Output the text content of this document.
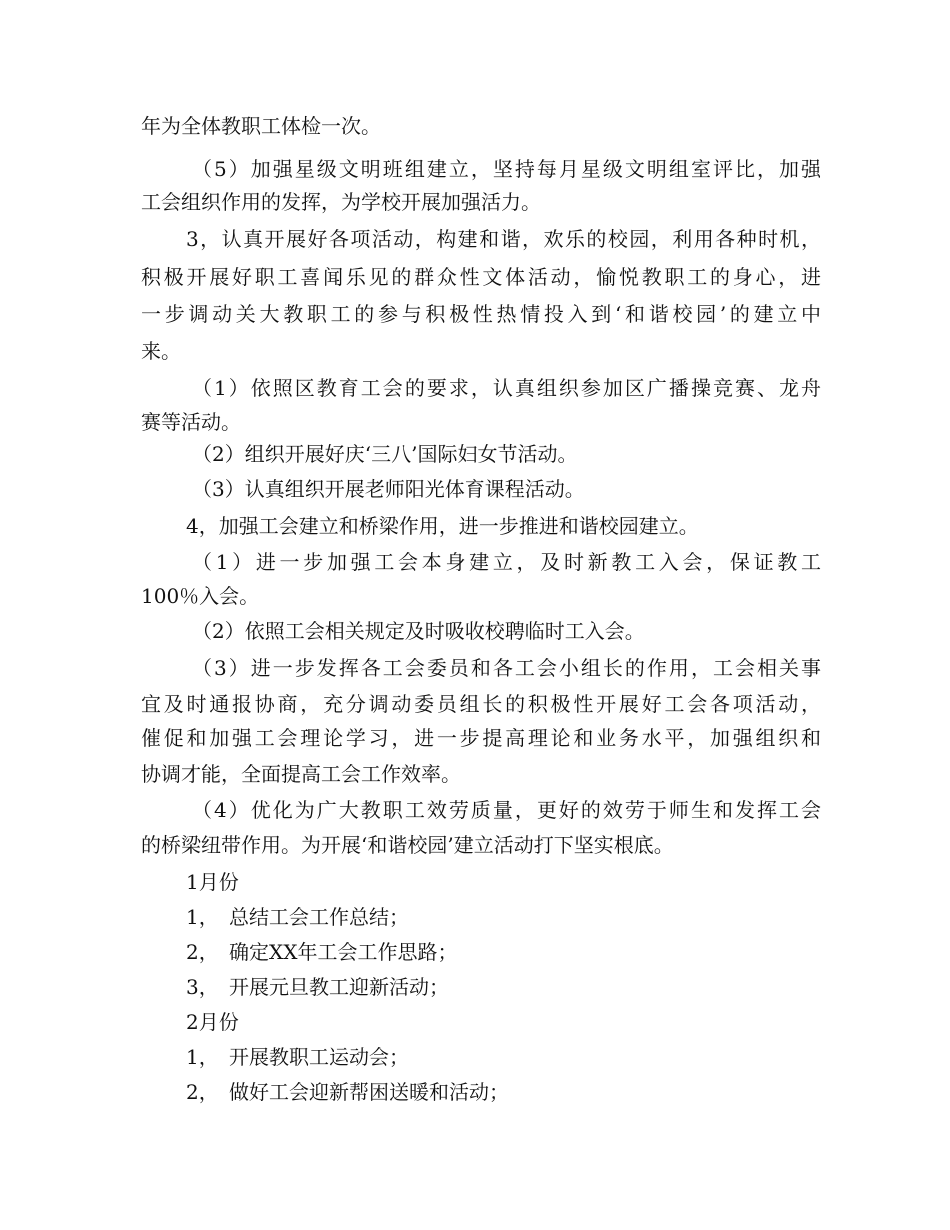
年为全体教职工体检一次。
（5）加强星级文明班组建立，坚持每月星级文明组室评比，加强
工会组织作用的发挥，为学校开展加强活力。
3，认真开展好各项活动，构建和谐，欢乐的校园，利用各种时机，
积极开展好职工喜闻乐见的群众性文体活动，愉悦教职工的身心，进
一步调动关大教职工的参与积极性热情投入到‘和谐校园’的建立中
来。
（1）依照区教育工会的要求，认真组织参加区广播操竞赛、龙舟
赛等活动。
（2）组织开展好庆‘三八’国际妇女节活动。
（3）认真组织开展老师阳光体育课程活动。
4，加强工会建立和桥梁作用，进一步推进和谐校园建立。
（1）进一步加强工会本身建立，及时新教工入会，保证教工
100％入会。
（2）依照工会相关规定及时吸收校聘临时工入会。
（3）进一步发挥各工会委员和各工会小组长的作用，工会相关事
宜及时通报协商，充分调动委员组长的积极性开展好工会各项活动，
催促和加强工会理论学习，进一步提高理论和业务水平，加强组织和
协调才能，全面提高工会工作效率。
（4）优化为广大教职工效劳质量，更好的效劳于师生和发挥工会
的桥梁纽带作用。为开展‘和谐校园’建立活动打下坚实根底。
1月份
1， 总结工会工作总结；
2， 确定XX年工会工作思路；
3， 开展元旦教工迎新活动；
2月份
1， 开展教职工运动会；
2， 做好工会迎新帮困送暖和活动；
